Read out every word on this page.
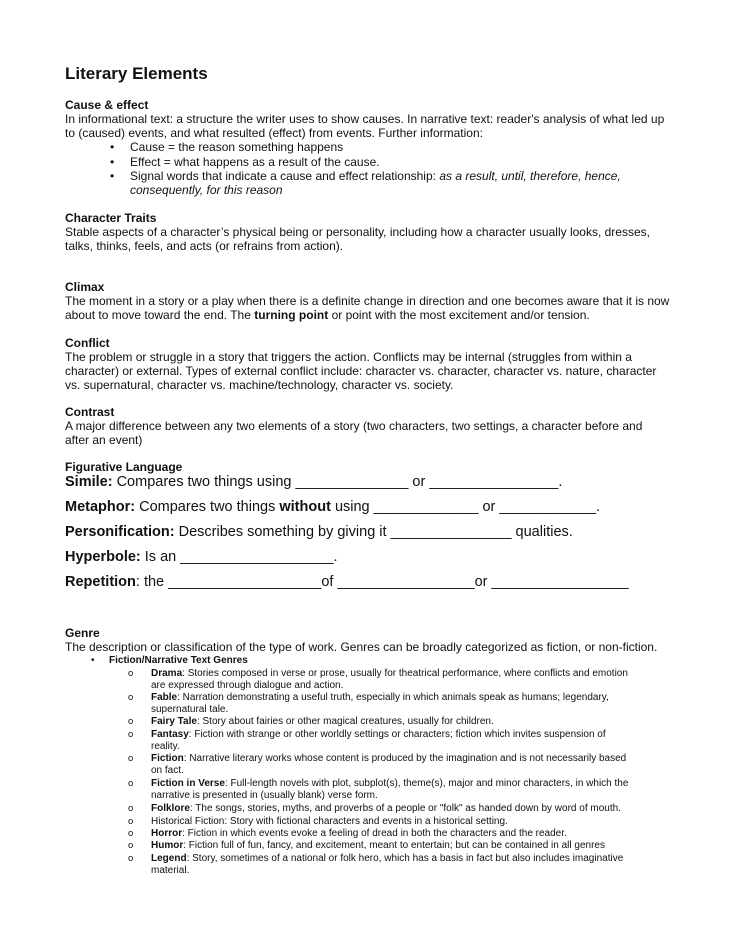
Literary Elements
Cause & effect
In informational text: a structure the writer uses to show causes. In narrative text: reader's analysis of what led up
to (caused) events, and what resulted (effect) from events. Further information:
• Cause = the reason something happens
• Effect = what happens as a result of the cause.
• Signal words that indicate a cause and effect relationship: as a result, until, therefore, hence,
consequently, for this reason
Character Traits
Stable aspects of a character’s physical being or personality, including how a character usually looks, dresses,
talks, thinks, feels, and acts (or refrains from action).
Climax
The moment in a story or a play when there is a definite change in direction and one becomes aware that it is now
about to move toward the end. The turning point or point with the most excitement and/or tension.
Conflict
The problem or struggle in a story that triggers the action. Conflicts may be internal (struggles from within a
character) or external. Types of external conflict include: character vs. character, character vs. nature, character
vs. supernatural, character vs. machine/technology, character vs. society.
Contrast
A major difference between any two elements of a story (two characters, two settings, a character before and
after an event)
Figurative Language
Simile: Compares two things using ______________ or ________________.
Metaphor: Compares two things without using _____________ or ____________.
Personification: Describes something by giving it _______________ qualities.
Hyperbole: Is an ___________________.
Repetition: the ___________________of _________________or _________________
Genre
The description or classification of the type of work. Genres can be broadly categorized as fiction, or non-fiction.
• Fiction/Narrative Text Genres
o Drama: Stories composed in verse or prose, usually for theatrical performance, where conflicts and emotion
are expressed through dialogue and action.
o Fable: Narration demonstrating a useful truth, especially in which animals speak as humans; legendary,
supernatural tale.
o Fairy Tale: Story about fairies or other magical creatures, usually for children.
o Fantasy: Fiction with strange or other worldly settings or characters; fiction which invites suspension of
reality.
o Fiction: Narrative literary works whose content is produced by the imagination and is not necessarily based
on fact.
o Fiction in Verse: Full-length novels with plot, subplot(s), theme(s), major and minor characters, in which the
narrative is presented in (usually blank) verse form.
o Folklore: The songs, stories, myths, and proverbs of a people or "folk" as handed down by word of mouth.
o Historical Fiction: Story with fictional characters and events in a historical setting.
o Horror: Fiction in which events evoke a feeling of dread in both the characters and the reader.
o Humor: Fiction full of fun, fancy, and excitement, meant to entertain; but can be contained in all genres
o Legend: Story, sometimes of a national or folk hero, which has a basis in fact but also includes imaginative
material.
